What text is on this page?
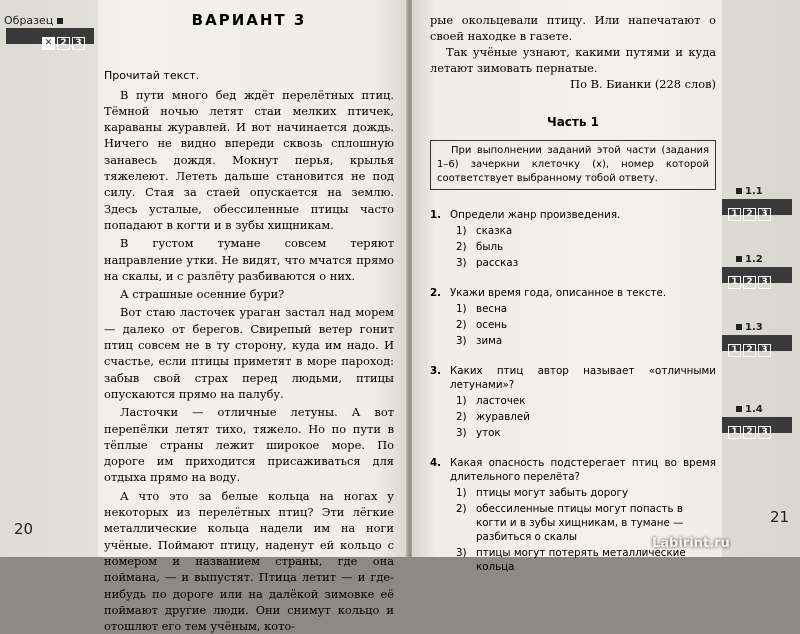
Образец
✕ 2 3
20
ВАРИАНТ 3
Прочитай текст.

В пути много бед ждёт перелётных птиц. Тёмной ночью летят стаи мелких птичек, караваны журавлей. И вот начинается дождь. Ничего не видно впереди сквозь сплошную занавесь дождя. Мокнут перья, крылья тяжелеют. Лететь дальше становится не под силу. Стая за стаей опускается на землю. Здесь усталые, обессиленные птицы часто попадают в когти и в зубы хищникам.

В густом тумане совсем теряют направление утки. Не видят, что мчатся прямо на скалы, и с разлёту разбиваются о них.

А страшные осенние бури?

Вот стаю ласточек ураган застал над морем — далеко от берегов. Свирепый ветер гонит птиц совсем не в ту сторону, куда им надо. И счастье, если птицы приметят в море пароход: забыв свой страх перед людьми, птицы опускаются прямо на палубу.

Ласточки — отличные летуны. А вот перепёлки летят тихо, тяжело. Но по пути в тёплые страны лежит широкое море. По дороге им приходится присаживаться для отдыха прямо на воду.

А что это за белые кольца на ногах у некоторых из перелётных птиц? Эти лёгкие металлические кольца надели им на ноги учёные. Поймают птицу, наденут ей кольцо с номером и названием страны, где она поймана, — и выпустят. Птица летит — и где-нибудь по дороге или на далёкой зимовке её поймают другие люди. Они снимут кольцо и отошлют его тем учёным, кото-

рые окольцевали птицу. Или напечатают о своей находке в газете.

Так учёные узнают, какими путями и куда летают зимовать пернатые.

По В. Бианки (228 слов)

Часть 1
При выполнении заданий этой части (задания 1–6) зачеркни клеточку (х), номер которой соответствует выбранному тобой ответу.
1. Определи жанр произведения.
1) сказка
2) быль
3) рассказ
2. Укажи время года, описанное в тексте.
1) весна
2) осень
3) зима
3. Каких птиц автор называет «отличными летунами»?
1) ласточек
2) журавлей
3) уток
4. Какая опасность подстерегает птиц во время длительного перелёта?
1) птицы могут забыть дорогу
2) обессиленные птицы могут попасть в когти и в зубы хищникам, в тумане — разбиться о скалы
3) птицы могут потерять металлические кольца
1.1
1 2 3
1.2
1 2 3
1.3
1 2 3
1.4
1 2 3
21
Labirint.ru
